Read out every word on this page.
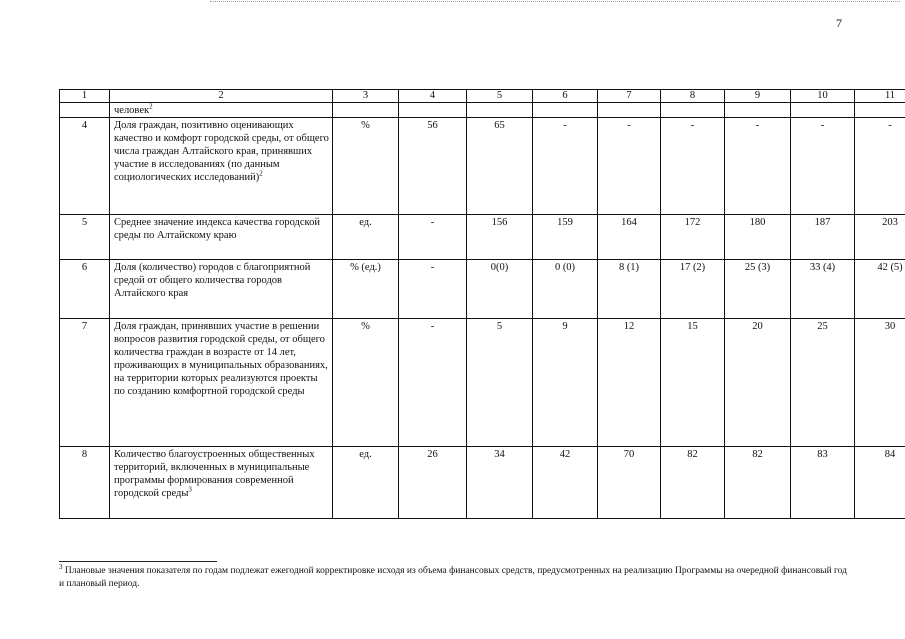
7
1	2	3	4	5	6	7	8	9	10	11
	человек$^2$									
4	Доля граждан, позитивно оценивающих качество и комфорт городской среды, от общего числа граждан Алтайского края, принявших участие в исследованиях (по данным социологических исследований)$^2$	%	56	65	-	-	-	-	-	-
5	Среднее значение индекса качества городской среды по Алтайскому краю	ед.	-	156	159	164	172	180	187	203
6	Доля (количество) городов с благоприятной средой от общего количества городов Алтайского края	% (ед.)	-	0(0)	0 (0)	8 (1)	17 (2)	25 (3)	33 (4)	42 (5)
7	Доля граждан, принявших участие в решении вопросов развития городской среды, от общего количества граждан в возрасте от 14 лет, проживающих в муниципальных образованиях, на территории которых реализуются проекты по созданию комфортной городской среды	%	-	5	9	12	15	20	25	30
8	Количество благоустроенных общественных территорий, включенных в муниципальные программы формирования современной городской среды$^3$	ед.	26	34	42	70	82	82	83	84
$^3$ Плановые значения показателя по годам подлежат ежегодной корректировке исходя из объема финансовых средств, предусмотренных на реализацию Программы на очередной финансовый год и плановый период.
